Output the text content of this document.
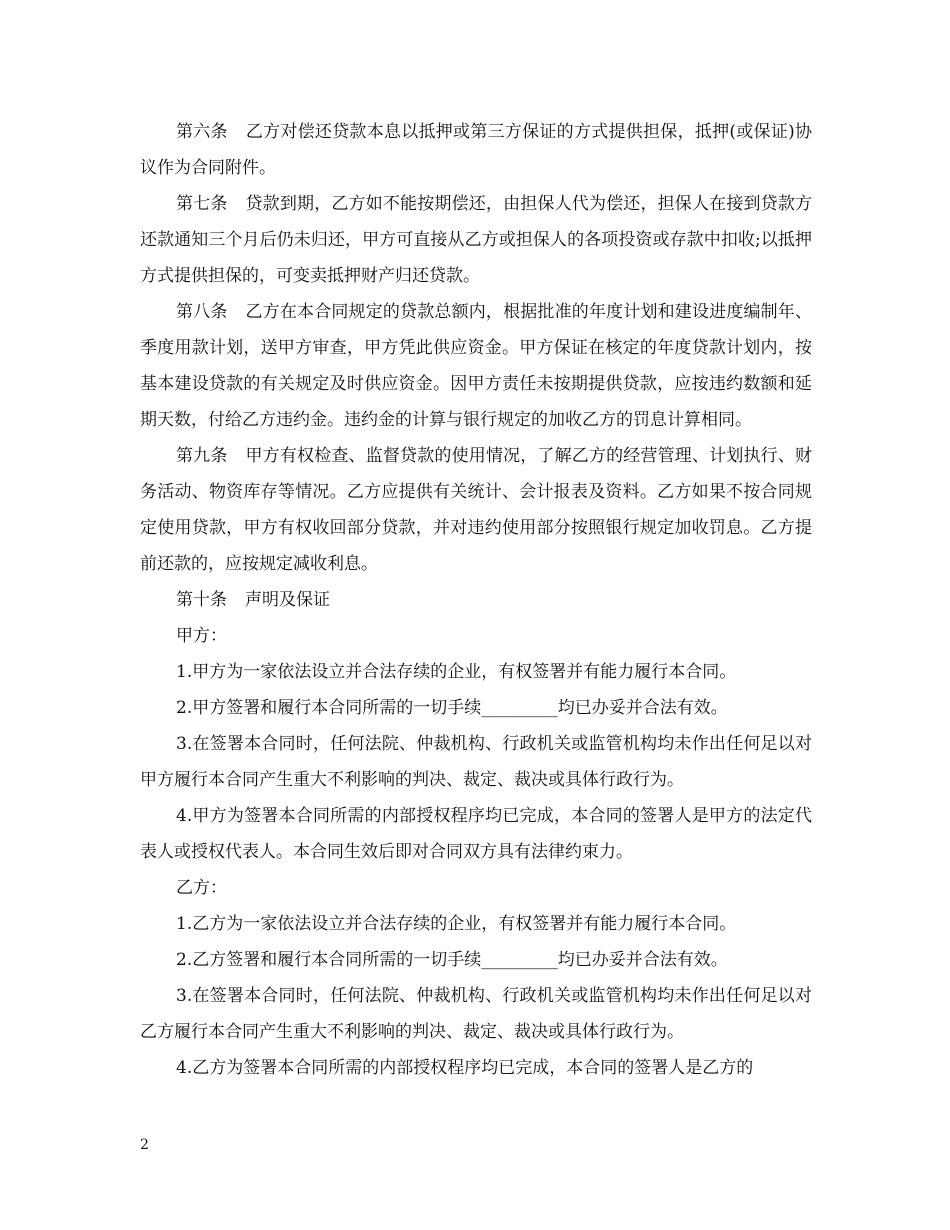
第六条 乙方对偿还贷款本息以抵押或第三方保证的方式提供担保，抵押(或保证)协议作为合同附件。

第七条 贷款到期，乙方如不能按期偿还，由担保人代为偿还，担保人在接到贷款方还款通知三个月后仍未归还，甲方可直接从乙方或担保人的各项投资或存款中扣收;以抵押方式提供担保的，可变卖抵押财产归还贷款。

第八条 乙方在本合同规定的贷款总额内，根据批准的年度计划和建设进度编制年、季度用款计划，送甲方审查，甲方凭此供应资金。甲方保证在核定的年度贷款计划内，按基本建设贷款的有关规定及时供应资金。因甲方责任未按期提供贷款，应按违约数额和延期天数，付给乙方违约金。违约金的计算与银行规定的加收乙方的罚息计算相同。

第九条 甲方有权检查、监督贷款的使用情况，了解乙方的经营管理、计划执行、财务活动、物资库存等情况。乙方应提供有关统计、会计报表及资料。乙方如果不按合同规定使用贷款，甲方有权收回部分贷款，并对违约使用部分按照银行规定加收罚息。乙方提前还款的，应按规定减收利息。

第十条 声明及保证

甲方：

1.甲方为一家依法设立并合法存续的企业，有权签署并有能力履行本合同。

2.甲方签署和履行本合同所需的一切手续_________均已办妥并合法有效。

3.在签署本合同时，任何法院、仲裁机构、行政机关或监管机构均未作出任何足以对甲方履行本合同产生重大不利影响的判决、裁定、裁决或具体行政行为。

4.甲方为签署本合同所需的内部授权程序均已完成，本合同的签署人是甲方的法定代表人或授权代表人。本合同生效后即对合同双方具有法律约束力。

乙方：

1.乙方为一家依法设立并合法存续的企业，有权签署并有能力履行本合同。

2.乙方签署和履行本合同所需的一切手续_________均已办妥并合法有效。

3.在签署本合同时，任何法院、仲裁机构、行政机关或监管机构均未作出任何足以对乙方履行本合同产生重大不利影响的判决、裁定、裁决或具体行政行为。

4.乙方为签署本合同所需的内部授权程序均已完成，本合同的签署人是乙方的

2
